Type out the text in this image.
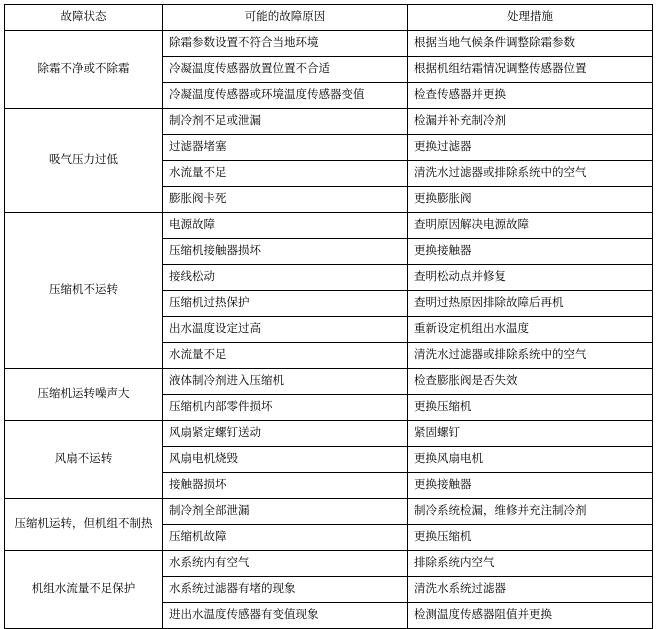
故障状态	可能的故障原因	处理措施
除霜不净或不除霜	除霜参数设置不符合当地环境	根据当地气候条件调整除霜参数
	冷凝温度传感器放置位置不合适	根据机组结霜情况调整传感器位置
	冷凝温度传感器或环境温度传感器变值	检查传感器并更换
吸气压力过低	制冷剂不足或泄漏	检漏并补充制冷剂
	过滤器堵塞	更换过滤器
	水流量不足	清洗水过滤器或排除系统中的空气
	膨胀阀卡死	更换膨胀阀
压缩机不运转	电源故障	查明原因解决电源故障
	压缩机接触器损坏	更换接触器
	接线松动	查明松动点并修复
	压缩机过热保护	查明过热原因排除故障后再机
	出水温度设定过高	重新设定机组出水温度
	水流量不足	清洗水过滤器或排除系统中的空气
压缩机运转噪声大	液体制冷剂进入压缩机	检查膨胀阀是否失效
	压缩机内部零件损坏	更换压缩机
风扇不运转	风扇紧定螺钉送动	紧固螺钉
	风扇电机烧毁	更换风扇电机
	接触器损坏	更换接触器
压缩机运转，但机组不制热	制冷剂全部泄漏	制冷系统检漏，维修并充注制冷剂
	压缩机故障	更换压缩机
机组水流量不足保护	水系统内有空气	排除系统内空气
	水系统过滤器有堵的现象	清洗水系统过滤器
	进出水温度传感器有变值现象	检测温度传感器阻值并更换
